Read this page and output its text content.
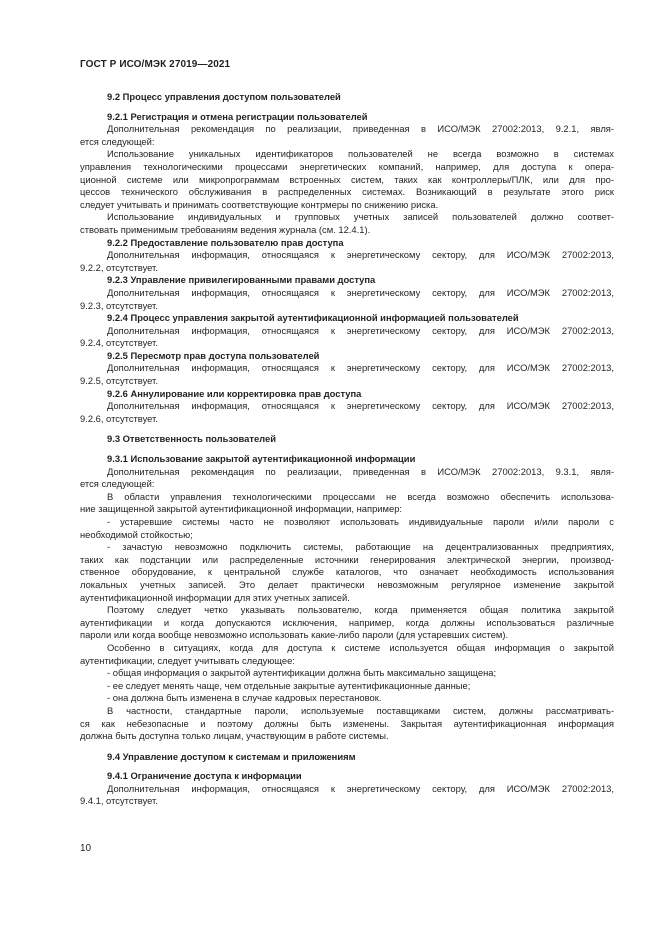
ГОСТ Р ИСО/МЭК 27019—2021

9.2 Процесс управления доступом пользователей

9.2.1 Регистрация и отмена регистрации пользователей

Дополнительная рекомендация по реализации, приведенная в ИСО/МЭК 27002:2013, 9.2.1, явля-

ется следующей:

Использование уникальных идентификаторов пользователей не всегда возможно в системах

управления технологическими процессами энергетических компаний, например, для доступа к опера-

ционной системе или микропрограммам встроенных систем, таких как контроллеры/ПЛК, или для про-

цессов технического обслуживания в распределенных системах. Возникающий в результате этого риск

следует учитывать и принимать соответствующие контрмеры по снижению риска.

Использование индивидуальных и групповых учетных записей пользователей должно соответ-

ствовать применимым требованиям ведения журнала (см. 12.4.1).

9.2.2 Предоставление пользователю прав доступа

Дополнительная информация, относящаяся к энергетическому сектору, для ИСО/МЭК 27002:2013,

9.2.2, отсутствует.

9.2.3 Управление привилегированными правами доступа

Дополнительная информация, относящаяся к энергетическому сектору, для ИСО/МЭК 27002:2013,

9.2.3, отсутствует.

9.2.4 Процесс управления закрытой аутентификационной информацией пользователей

Дополнительная информация, относящаяся к энергетическому сектору, для ИСО/МЭК 27002:2013,

9.2.4, отсутствует.

9.2.5 Пересмотр прав доступа пользователей

Дополнительная информация, относящаяся к энергетическому сектору, для ИСО/МЭК 27002:2013,

9.2.5, отсутствует.

9.2.6 Аннулирование или корректировка прав доступа

Дополнительная информация, относящаяся к энергетическому сектору, для ИСО/МЭК 27002:2013,

9.2.6, отсутствует.

9.3 Ответственность пользователей

9.3.1 Использование закрытой аутентификационной информации

Дополнительная рекомендация по реализации, приведенная в ИСО/МЭК 27002:2013, 9.3.1, явля-

ется следующей:

В области управления технологическими процессами не всегда возможно обеспечить использова-

ние защищенной закрытой аутентификационной информации, например:

- устаревшие системы часто не позволяют использовать индивидуальные пароли и/или пароли с

необходимой стойкостью;

- зачастую невозможно подключить системы, работающие на децентрализованных предприятиях,

таких как подстанции или распределенные источники генерирования электрической энергии, производ-

ственное оборудование, к центральной службе каталогов, что означает необходимость использования

локальных учетных записей. Это делает практически невозможным регулярное изменение закрытой

аутентификационной информации для этих учетных записей.

Поэтому следует четко указывать пользователю, когда применяется общая политика закрытой

аутентификации и когда допускаются исключения, например, когда должны использоваться различные

пароли или когда вообще невозможно использовать какие-либо пароли (для устаревших систем).

Особенно в ситуациях, когда для доступа к системе используется общая информация о закрытой

аутентификации, следует учитывать следующее:

- общая информация о закрытой аутентификации должна быть максимально защищена;

- ее следует менять чаще, чем отдельные закрытые аутентификационные данные;

- она должна быть изменена в случае кадровых перестановок.

В частности, стандартные пароли, используемые поставщиками систем, должны рассматривать-

ся как небезопасные и поэтому должны быть изменены. Закрытая аутентификационная информация

должна быть доступна только лицам, участвующим в работе системы.

9.4 Управление доступом к системам и приложениям

9.4.1 Ограничение доступа к информации

Дополнительная информация, относящаяся к энергетическому сектору, для ИСО/МЭК 27002:2013,

9.4.1, отсутствует.

10
